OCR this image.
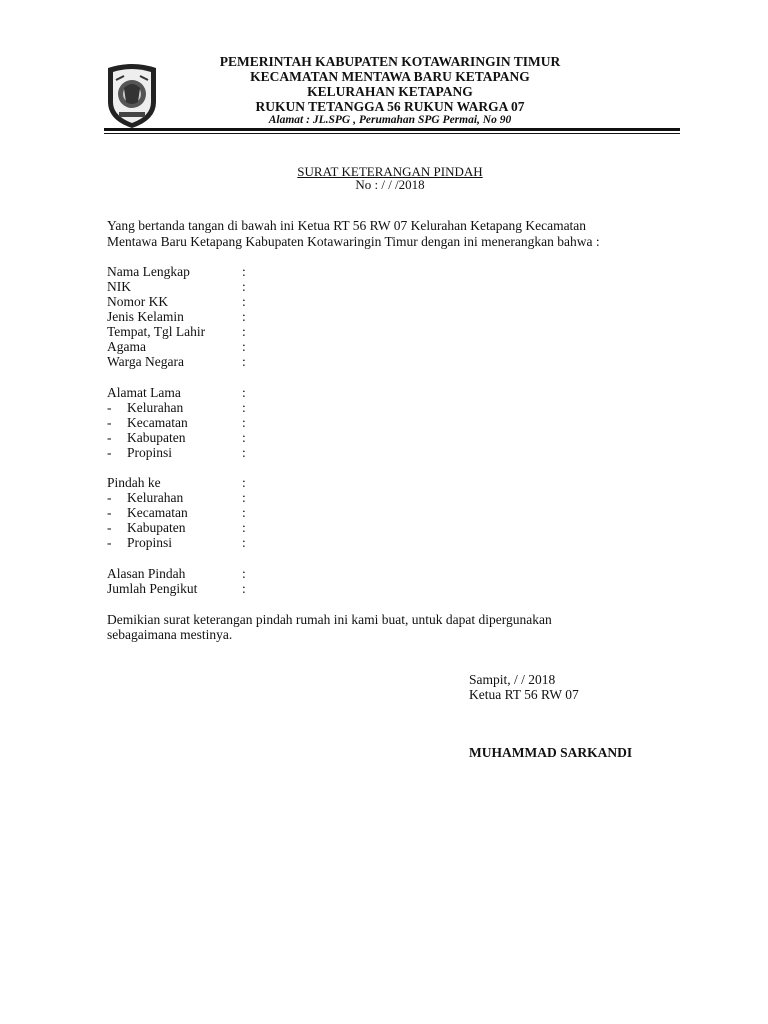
PEMERINTAH KABUPATEN KOTAWARINGIN TIMUR
KECAMATAN MENTAWA BARU KETAPANG
KELURAHAN KETAPANG
RUKUN TETANGGA 56 RUKUN WARGA 07
Alamat : JL.SPG , Perumahan SPG Permai, No 90
SURAT KETERANGAN PINDAH
No : / / /2018
Yang bertanda tangan di bawah ini Ketua RT 56 RW 07 Kelurahan Ketapang Kecamatan
Mentawa Baru Ketapang Kabupaten Kotawaringin Timur dengan ini menerangkan bahwa :
Nama Lengkap	:
NIK	:
Nomor KK	:
Jenis Kelamin	:
Tempat, Tgl Lahir	:
Agama	:
Warga Negara	:
Alamat Lama	:
- Kelurahan	:
- Kecamatan	:
- Kabupaten	:
- Propinsi	:
Pindah ke	:
- Kelurahan	:
- Kecamatan	:
- Kabupaten	:
- Propinsi	:
Alasan Pindah	:
Jumlah Pengikut	:
Demikian surat keterangan pindah rumah ini kami buat, untuk dapat dipergunakan
sebagaimana mestinya.
Sampit, / / 2018
Ketua RT 56 RW 07
MUHAMMAD SARKANDI
